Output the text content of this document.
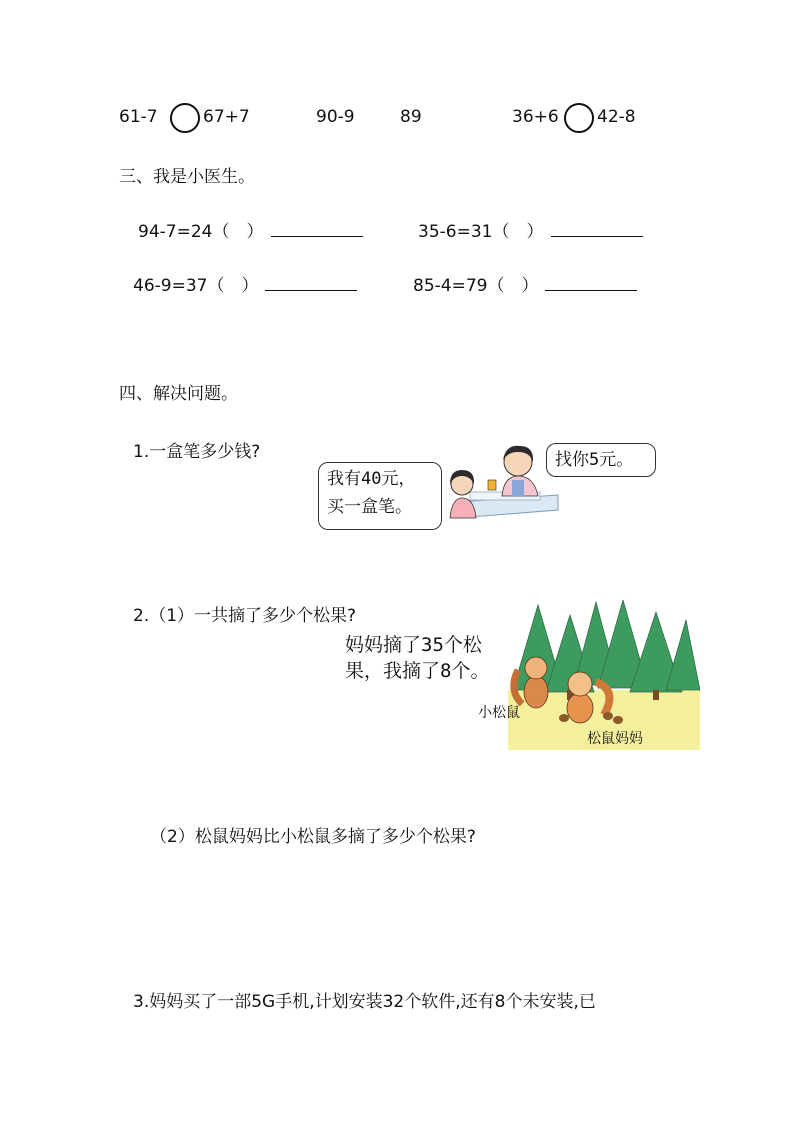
61-7	67+7	90-9	89	36+6 42-8
三、我是小医生。
94-7=24（　）	35-6=31（　）
46-9=37（　）	85-4=79（　）
四、解决问题。
1.一盒笔多少钱?
我有40元，
买一盒笔。
找你5元。
2.（1）一共摘了多少个松果?
妈妈摘了35个松
果，我摘了8个。
小松鼠
松鼠妈妈
（2）松鼠妈妈比小松鼠多摘了多少个松果?
3.妈妈买了一部5G手机,计划安装32个软件,还有8个未安装,已
